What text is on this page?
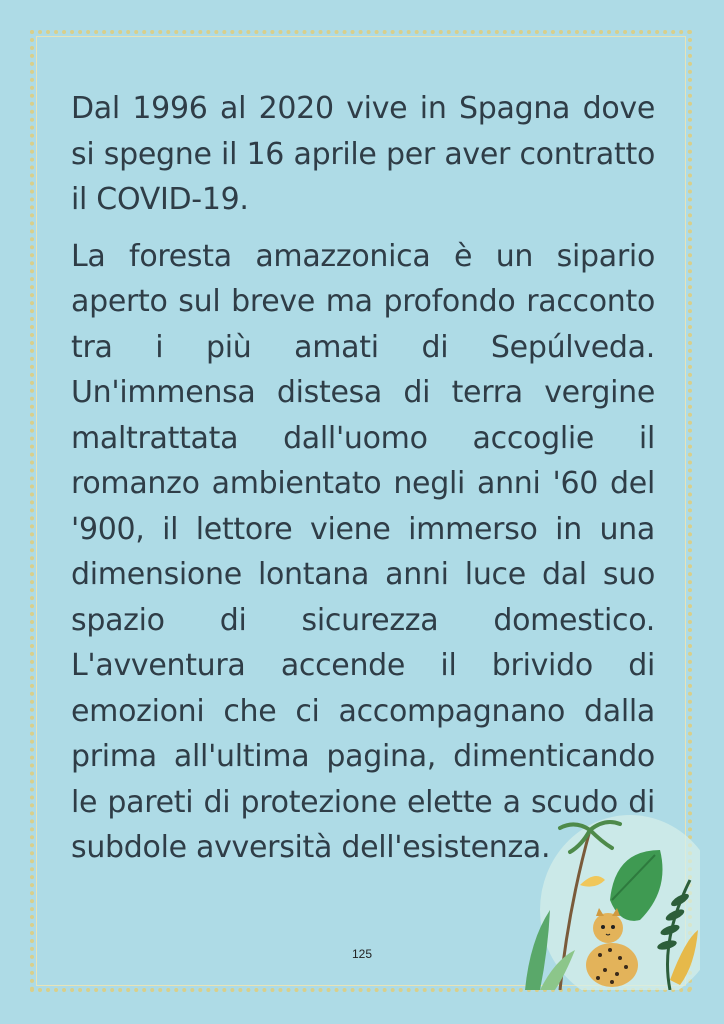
Dal 1996 al 2020 vive in Spagna dove si spegne il 16 aprile per aver contratto il COVID-19.

La foresta amazzonica è un sipario aperto sul breve ma profondo racconto tra i più amati di Sepúlveda. Un'immensa distesa di terra vergine maltrattata dall'uomo accoglie il romanzo ambientato negli anni '60 del '900, il lettore viene immerso in una dimensione lontana anni luce dal suo spazio di sicurezza domestico. L'avventura accende il brivido di emozioni che ci accompagnano dalla prima all'ultima pagina, dimenticando le pareti di protezione elette a scudo di subdole avversità dell'esistenza.

125
